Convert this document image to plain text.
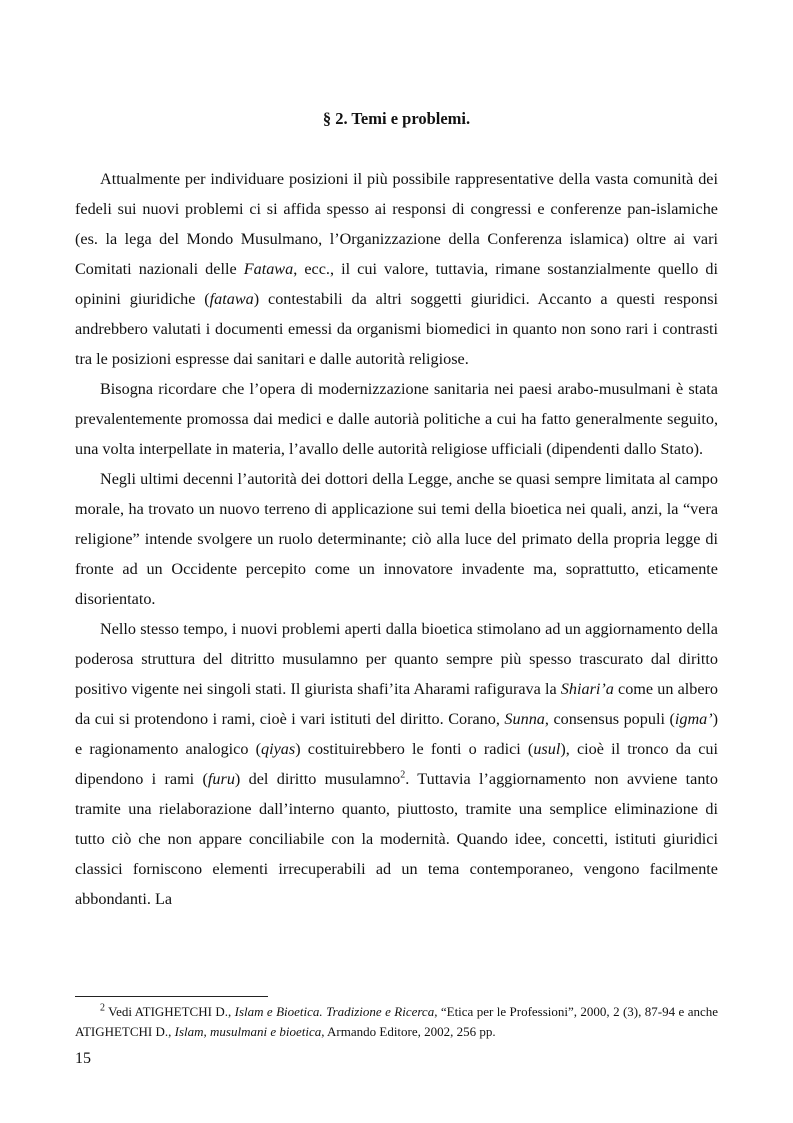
§ 2. Temi e problemi.

Attualmente per individuare posizioni il più possibile rappresentative della vasta comunità dei fedeli sui nuovi problemi ci si affida spesso ai responsi di congressi e conferenze pan-islamiche (es. la lega del Mondo Musulmano, l’Organizzazione della Conferenza islamica) oltre ai vari Comitati nazionali delle Fatawa, ecc., il cui valore, tuttavia, rimane sostanzialmente quello di opinini giuridiche (fatawa) contestabili da altri soggetti giuridici. Accanto a questi responsi andrebbero valutati i documenti emessi da organismi biomedici in quanto non sono rari i contrasti tra le posizioni espresse dai sanitari e dalle autorità religiose.

Bisogna ricordare che l’opera di modernizzazione sanitaria nei paesi arabo-musulmani è stata prevalentemente promossa dai medici e dalle autorià politiche a cui ha fatto generalmente seguito, una volta interpellate in materia, l’avallo delle autorità religiose ufficiali (dipendenti dallo Stato).

Negli ultimi decenni l’autorità dei dottori della Legge, anche se quasi sempre limitata al campo morale, ha trovato un nuovo terreno di applicazione sui temi della bioetica nei quali, anzi, la “vera religione” intende svolgere un ruolo determinante; ciò alla luce del primato della propria legge di fronte ad un Occidente percepito come un innovatore invadente ma, soprattutto, eticamente disorientato.

Nello stesso tempo, i nuovi problemi aperti dalla bioetica stimolano ad un aggiornamento della poderosa struttura del ditritto musulamno per quanto sempre più spesso trascurato dal diritto positivo vigente nei singoli stati. Il giurista shafi’ita Aharami rafigurava la Shiari’a come un albero da cui si protendono i rami, cioè i vari istituti del diritto. Corano, Sunna, consensus populi (igma’) e ragionamento analogico (qiyas) costituirebbero le fonti o radici (usul), cioè il tronco da cui dipendono i rami (furu) del diritto musulamno$^2$. Tuttavia l’aggiornamento non avviene tanto tramite una rielaborazione dall’interno quanto, piuttosto, tramite una semplice eliminazione di tutto ciò che non appare conciliabile con la modernità. Quando idee, concetti, istituti giuridici classici forniscono elementi irrecuperabili ad un tema contemporaneo, vengono facilmente abbondanti. La

$^2$ Vedi ATIGHETCHI D., Islam e Bioetica. Tradizione e Ricerca, “Etica per le Professioni”, 2000, 2 (3), 87-94 e anche ATIGHETCHI D., Islam, musulmani e bioetica, Armando Editore, 2002, 256 pp.
15
